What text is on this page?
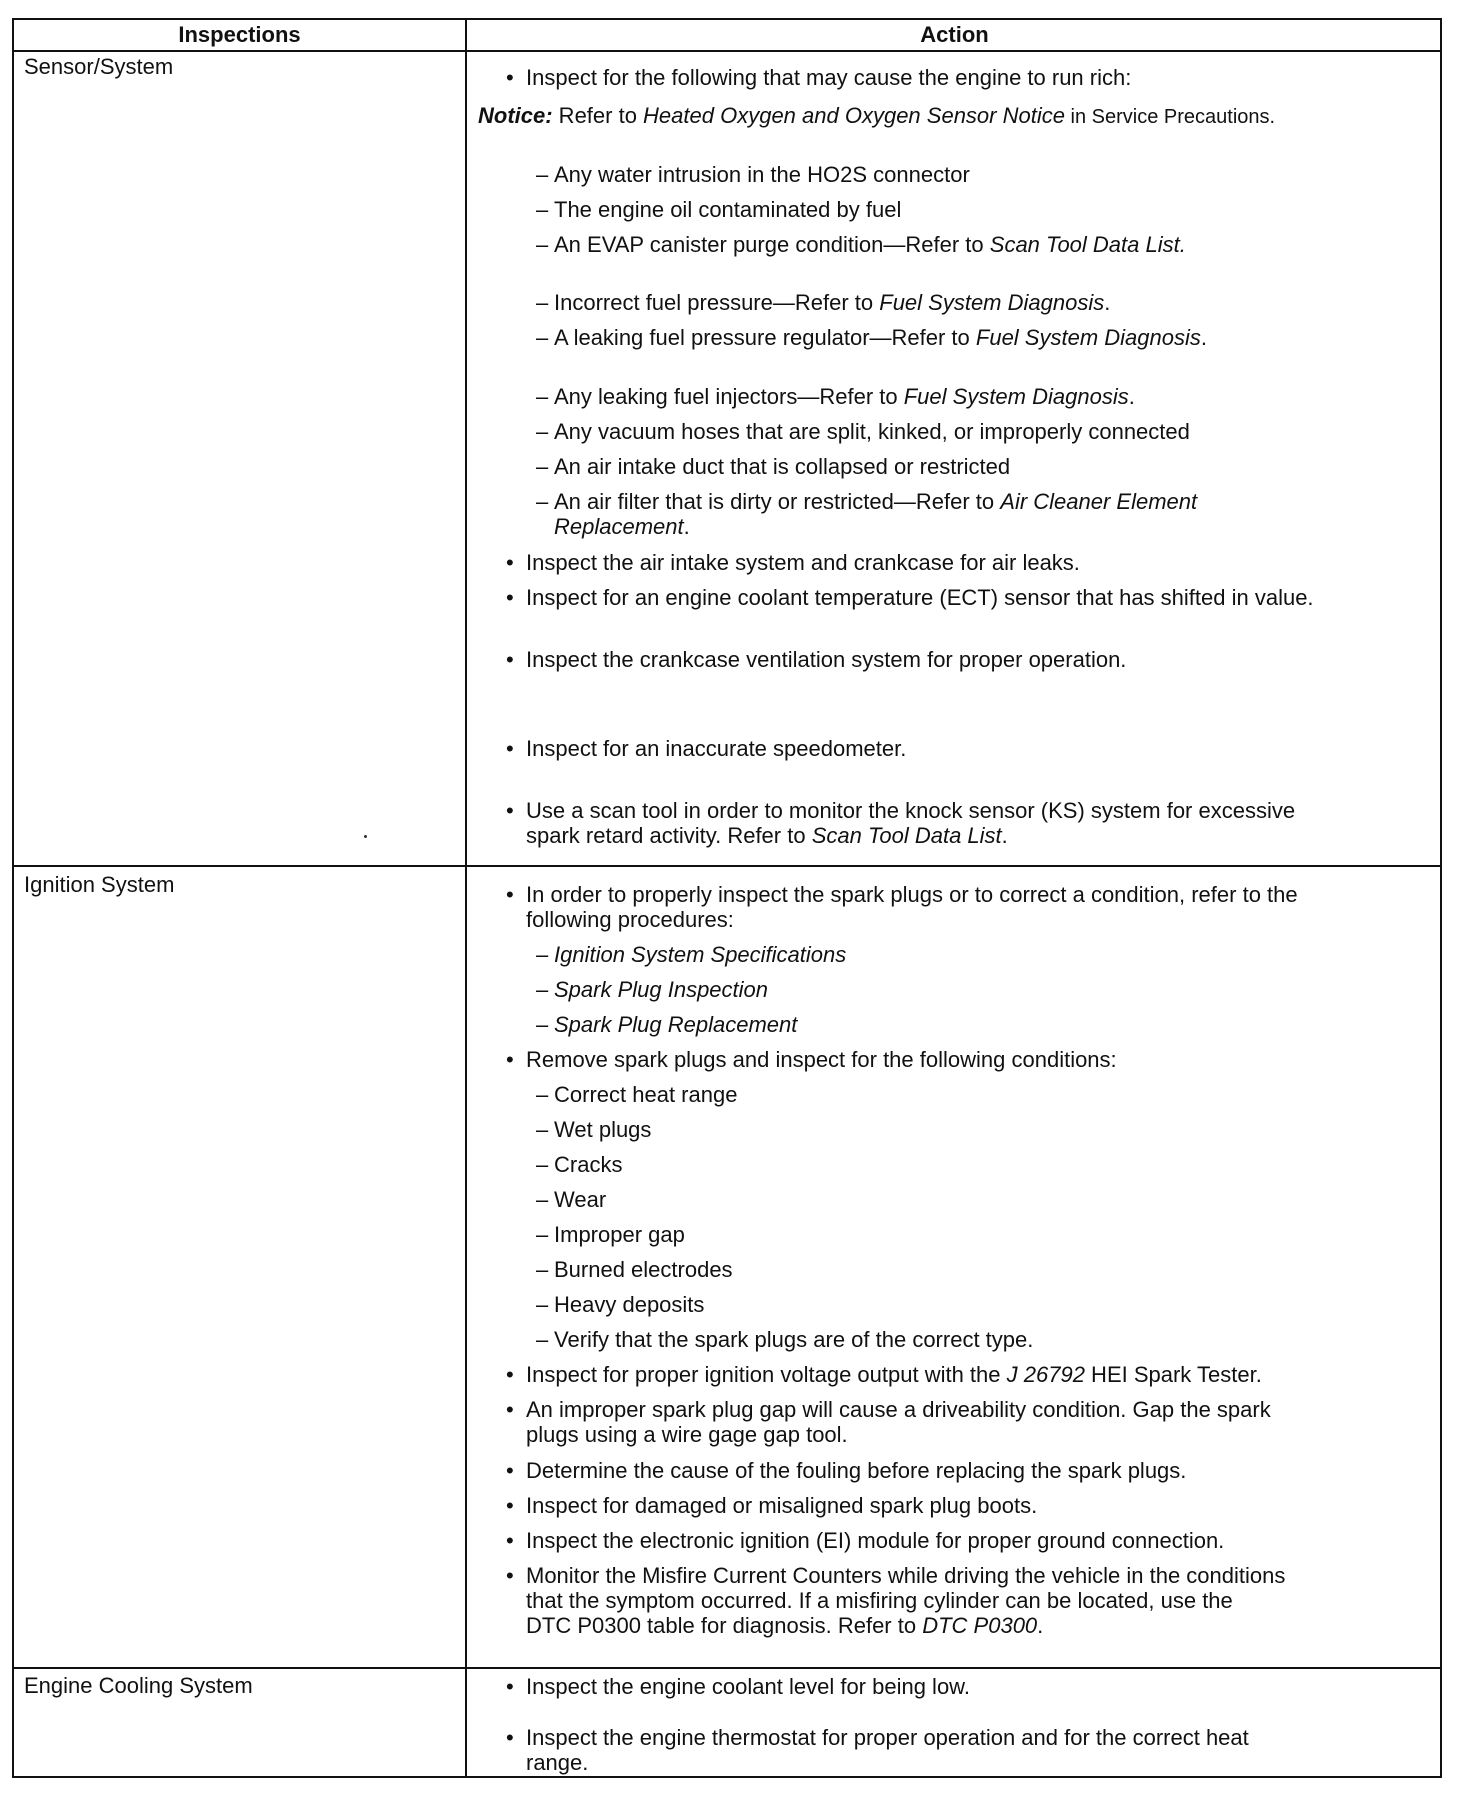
Inspections	Action
Sensor/System	• Inspect for the following that may cause the engine to run rich:
Notice: Refer to Heated Oxygen and Oxygen Sensor Notice in Service Precautions.
– Any water intrusion in the HO2S connector
– The engine oil contaminated by fuel
– An EVAP canister purge condition—Refer to Scan Tool Data List.
– Incorrect fuel pressure—Refer to Fuel System Diagnosis.
– A leaking fuel pressure regulator—Refer to Fuel System Diagnosis.
– Any leaking fuel injectors—Refer to Fuel System Diagnosis.
– Any vacuum hoses that are split, kinked, or improperly connected
– An air intake duct that is collapsed or restricted
– An air filter that is dirty or restricted—Refer to Air Cleaner Element
Replacement.
• Inspect the air intake system and crankcase for air leaks.
• Inspect for an engine coolant temperature (ECT) sensor that has shifted in value.
• Inspect the crankcase ventilation system for proper operation.
• Inspect for an inaccurate speedometer.
• Use a scan tool in order to monitor the knock sensor (KS) system for excessive
spark retard activity. Refer to Scan Tool Data List.
Ignition System	• In order to properly inspect the spark plugs or to correct a condition, refer to the
following procedures:
– Ignition System Specifications
– Spark Plug Inspection
– Spark Plug Replacement
• Remove spark plugs and inspect for the following conditions:
– Correct heat range
– Wet plugs
– Cracks
– Wear
– Improper gap
– Burned electrodes
– Heavy deposits
– Verify that the spark plugs are of the correct type.
• Inspect for proper ignition voltage output with the J 26792 HEI Spark Tester.
• An improper spark plug gap will cause a driveability condition. Gap the spark
plugs using a wire gage gap tool.
• Determine the cause of the fouling before replacing the spark plugs.
• Inspect for damaged or misaligned spark plug boots.
• Inspect the electronic ignition (EI) module for proper ground connection.
• Monitor the Misfire Current Counters while driving the vehicle in the conditions
that the symptom occurred. If a misfiring cylinder can be located, use the
DTC P0300 table for diagnosis. Refer to DTC P0300.
Engine Cooling System	• Inspect the engine coolant level for being low.
• Inspect the engine thermostat for proper operation and for the correct heat
range.
